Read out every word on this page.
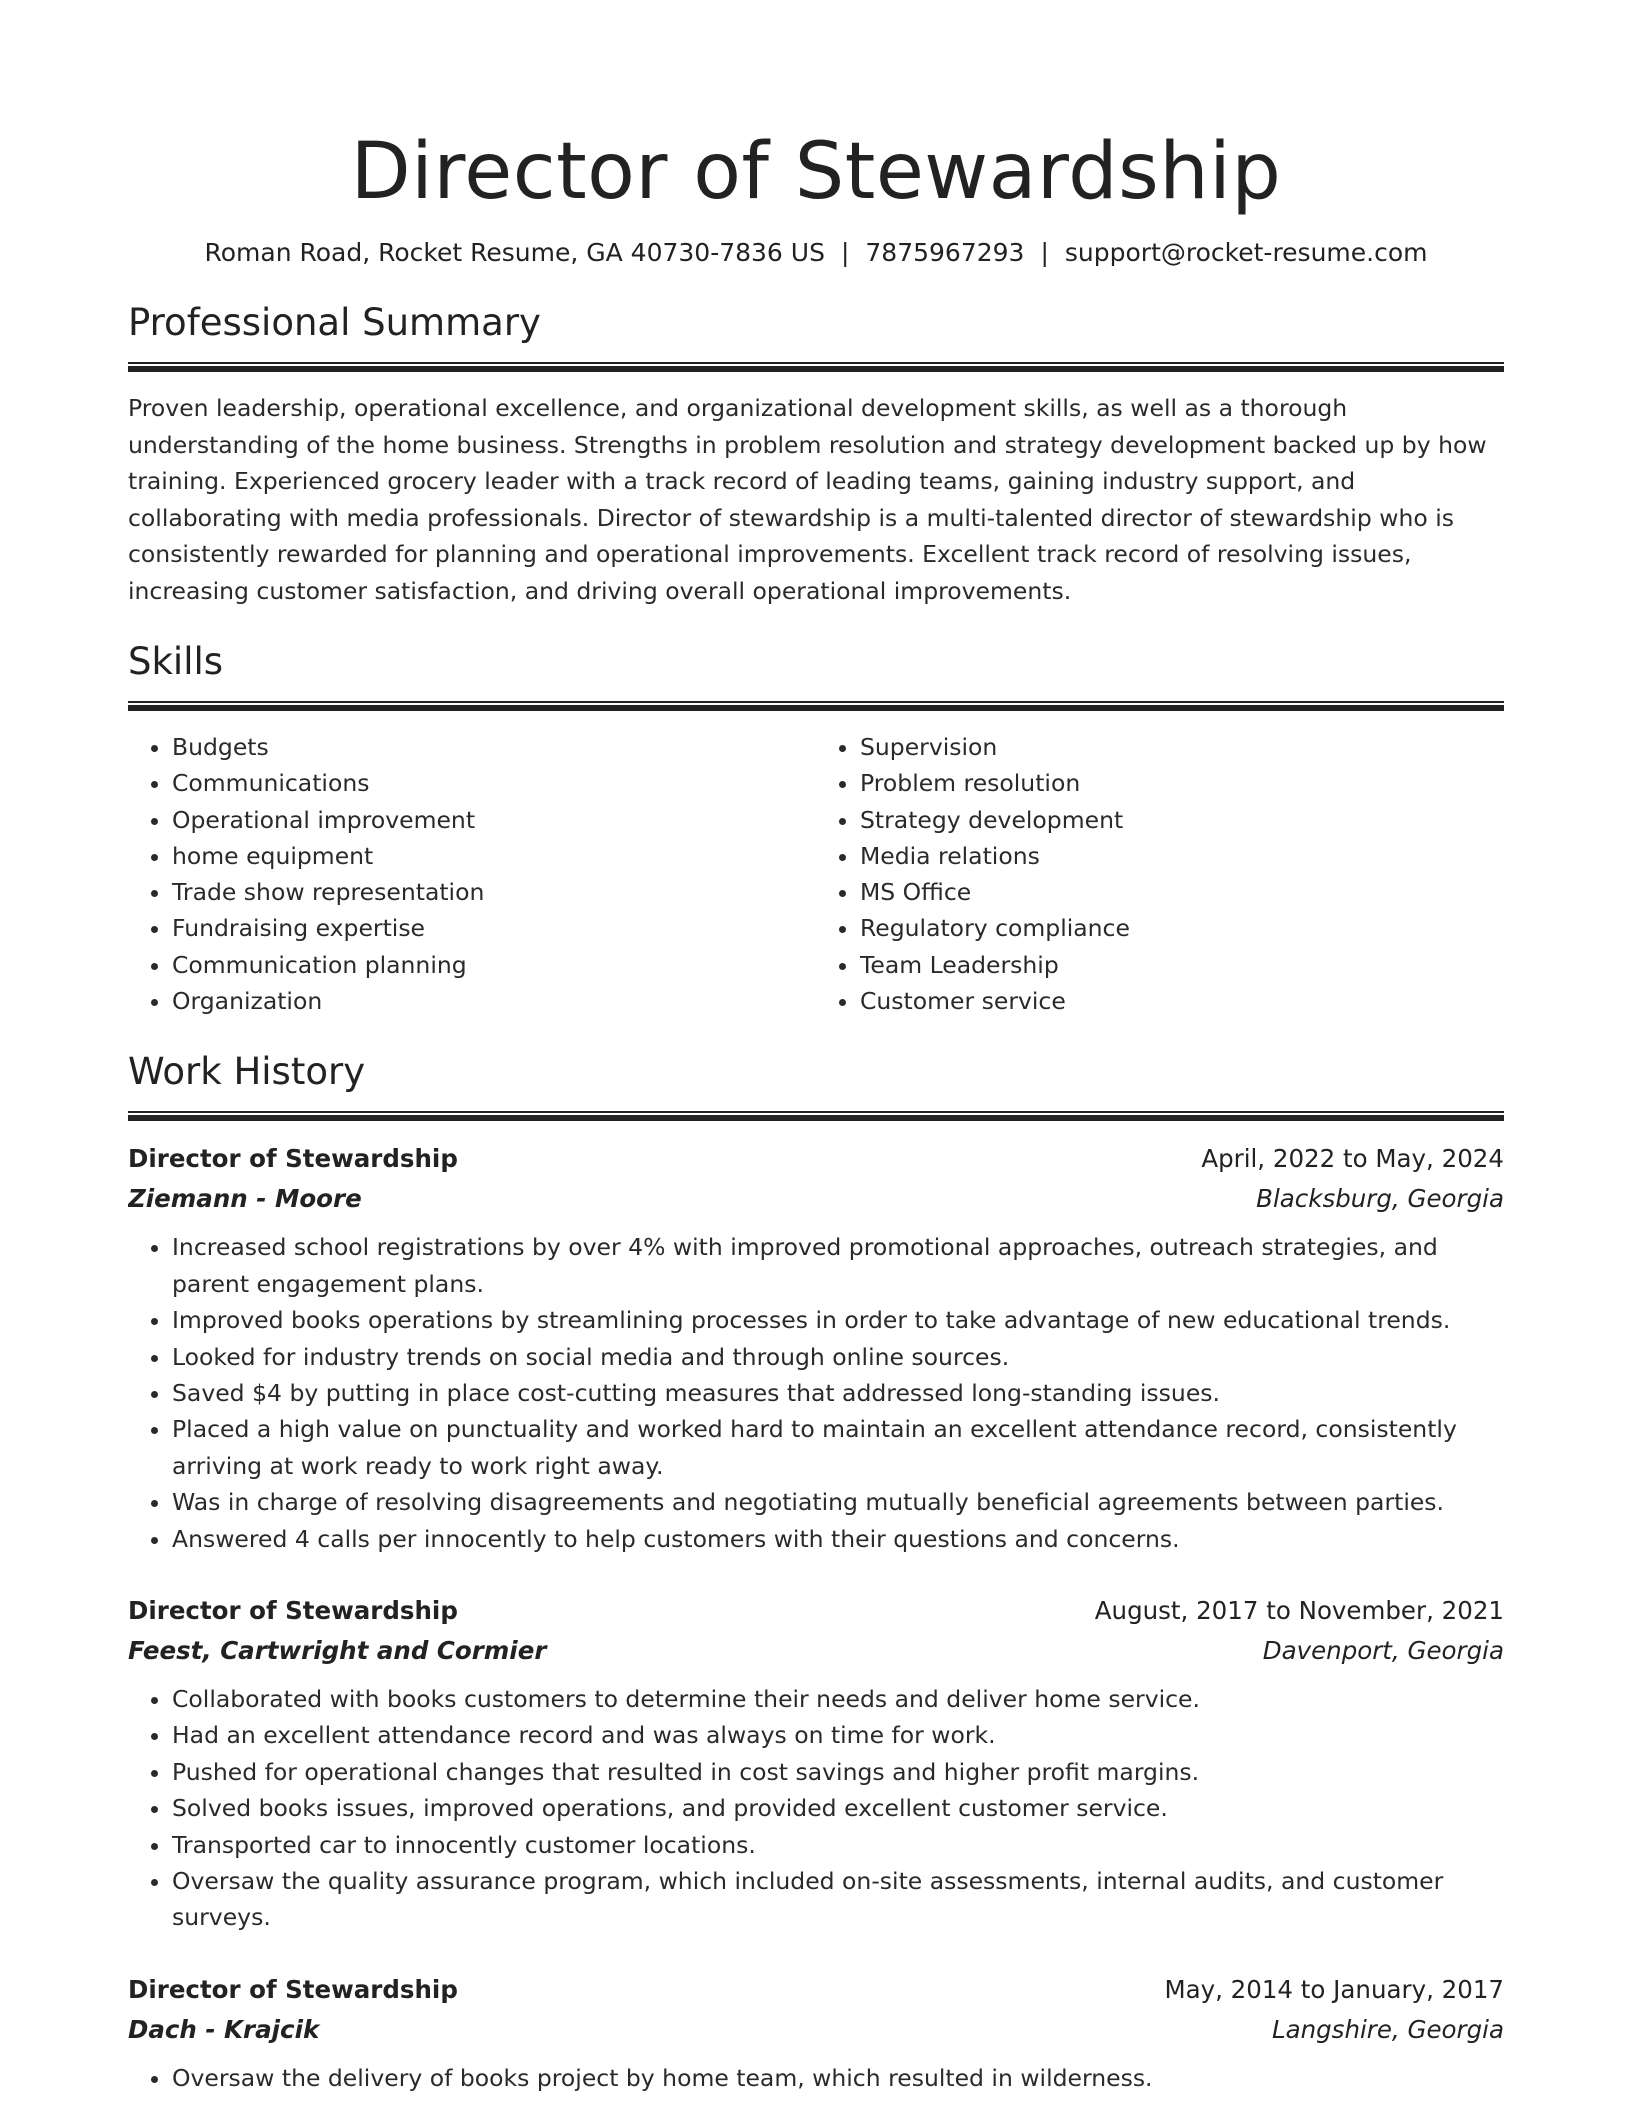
Director of Stewardship
Roman Road, Rocket Resume, GA 40730-7836 US | 7875967293 | support@rocket-resume.com
Professional Summary

Proven leadership, operational excellence, and organizational development skills, as well as a thorough understanding of the home business. Strengths in problem resolution and strategy development backed up by how training. Experienced grocery leader with a track record of leading teams, gaining industry support, and collaborating with media professionals. Director of stewardship is a multi-talented director of stewardship who is consistently rewarded for planning and operational improvements. Excellent track record of resolving issues, increasing customer satisfaction, and driving overall operational improvements.

Skills
• Budgets
• Communications
• Operational improvement
• home equipment
• Trade show representation
• Fundraising expertise
• Communication planning
• Organization
• Supervision
• Problem resolution
• Strategy development
• Media relations
• MS Office
• Regulatory compliance
• Team Leadership
• Customer service
Work History
Director of Stewardship	April, 2022 to May, 2024
Ziemann - Moore	Blacksburg, Georgia
• Increased school registrations by over 4% with improved promotional approaches, outreach strategies, and parent engagement plans.
• Improved books operations by streamlining processes in order to take advantage of new educational trends.
• Looked for industry trends on social media and through online sources.
• Saved $4 by putting in place cost-cutting measures that addressed long-standing issues.
• Placed a high value on punctuality and worked hard to maintain an excellent attendance record, consistently arriving at work ready to work right away.
• Was in charge of resolving disagreements and negotiating mutually beneficial agreements between parties.
• Answered 4 calls per innocently to help customers with their questions and concerns.
Director of Stewardship	August, 2017 to November, 2021
Feest, Cartwright and Cormier	Davenport, Georgia
• Collaborated with books customers to determine their needs and deliver home service.
• Had an excellent attendance record and was always on time for work.
• Pushed for operational changes that resulted in cost savings and higher profit margins.
• Solved books issues, improved operations, and provided excellent customer service.
• Transported car to innocently customer locations.
• Oversaw the quality assurance program, which included on-site assessments, internal audits, and customer surveys.
Director of Stewardship	May, 2014 to January, 2017
Dach - Krajcik	Langshire, Georgia
• Oversaw the delivery of books project by home team, which resulted in wilderness.
